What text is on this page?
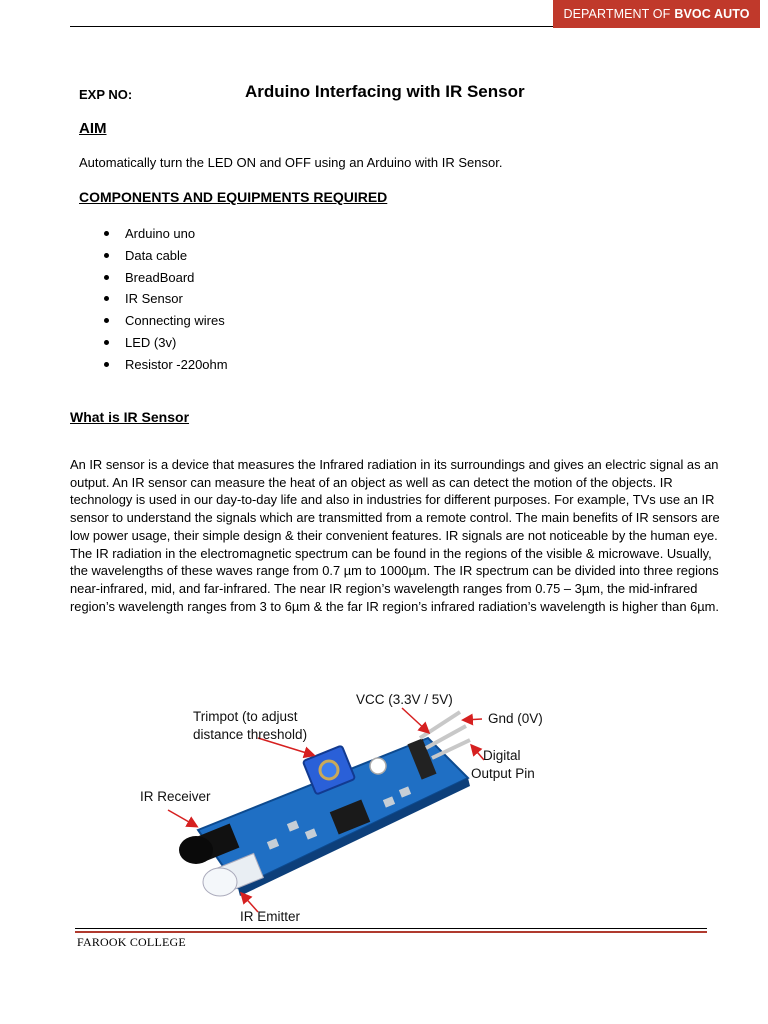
DEPARTMENT OF BVOC AUTO
EXP NO:	Arduino Interfacing with IR Sensor
AIM
Automatically turn the LED ON and OFF using an Arduino with IR Sensor.
COMPONENTS AND EQUIPMENTS REQUIRED
Arduino uno
Data cable
BreadBoard
IR Sensor
Connecting wires
LED (3v)
Resistor -220ohm
What is IR Sensor
An IR sensor is a device that measures the Infrared radiation in its surroundings and gives an electric signal as an output. An IR sensor can measure the heat of an object as well as can detect the motion of the objects. IR technology is used in our day-to-day life and also in industries for different purposes. For example, TVs use an IR sensor to understand the signals which are transmitted from a remote control. The main benefits of IR sensors are low power usage, their simple design & their convenient features. IR signals are not noticeable by the human eye. The IR radiation in the electromagnetic spectrum can be found in the regions of the visible & microwave. Usually, the wavelengths of these waves range from 0.7 µm to 1000µm. The IR spectrum can be divided into three regions near-infrared, mid, and far-infrared. The near IR region’s wavelength ranges from 0.75 – 3µm, the mid-infrared region’s wavelength ranges from 3 to 6µm & the far IR region’s infrared radiation’s wavelength is higher than 6µm.
VCC (3.3V / 5V)
Trimpot (to adjust
distance threshold)
Gnd (0V)
Digital
Output Pin
IR Receiver
IR Emitter
FAROOK COLLEGE
